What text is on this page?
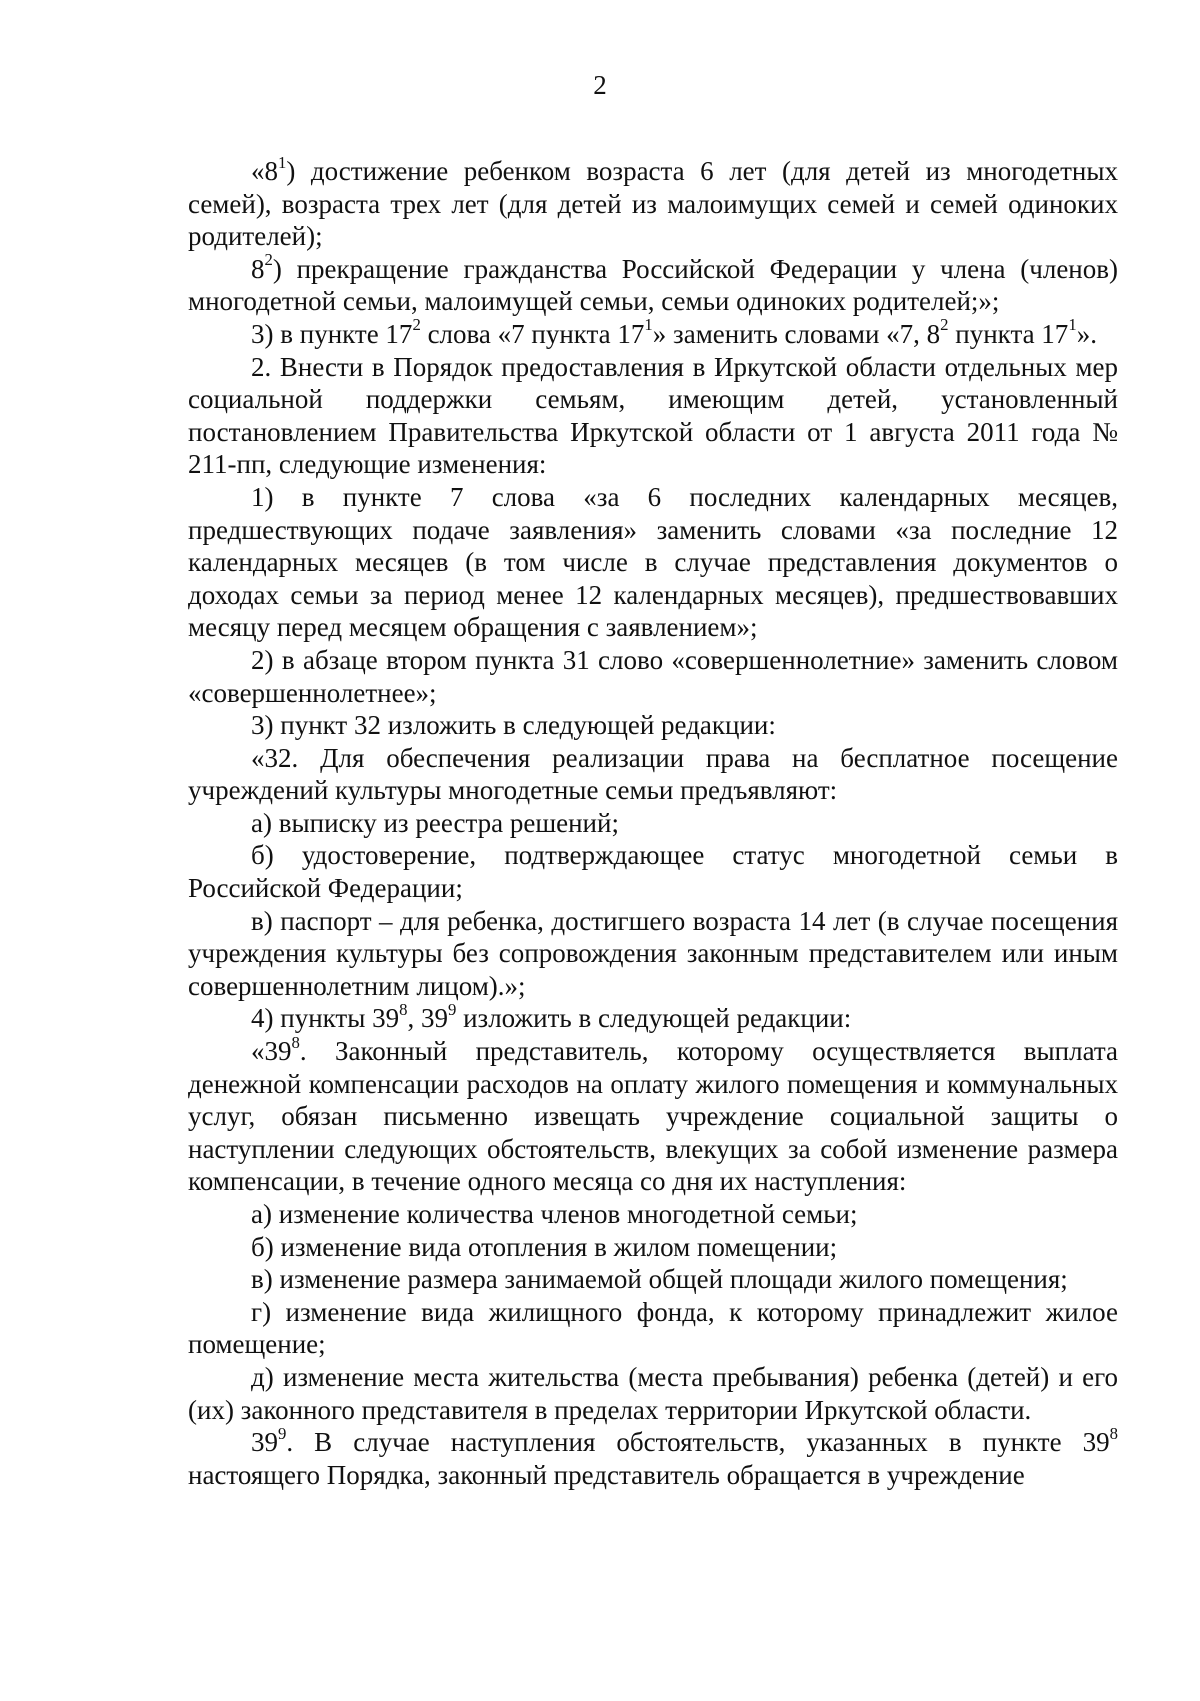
2

«$8^1$) достижение ребенком возраста 6 лет (для детей из многодетных семей), возраста трех лет (для детей из малоимущих семей и семей одиноких родителей);

$8^2$) прекращение гражданства Российской Федерации у члена (членов) многодетной семьи, малоимущей семьи, семьи одиноких родителей;»;

3) в пункте $17^2$ слова «7 пункта $17^1$» заменить словами «7, $8^2$ пункта $17^1$».

2. Внести в Порядок предоставления в Иркутской области отдельных мер социальной поддержки семьям, имеющим детей, установленный постановлением Правительства Иркутской области от 1 августа 2011 года № 211-пп, следующие изменения:

1) в пункте 7 слова «за 6 последних календарных месяцев, предшествующих подаче заявления» заменить словами «за последние 12 календарных месяцев (в том числе в случае представления документов о доходах семьи за период менее 12 календарных месяцев), предшествовавших месяцу перед месяцем обращения с заявлением»;

2) в абзаце втором пункта 31 слово «совершеннолетние» заменить словом «совершеннолетнее»;

3) пункт 32 изложить в следующей редакции:

«32. Для обеспечения реализации права на бесплатное посещение учреждений культуры многодетные семьи предъявляют:

а) выписку из реестра решений;

б) удостоверение, подтверждающее статус многодетной семьи в Российской Федерации;

в) паспорт – для ребенка, достигшего возраста 14 лет (в случае посещения учреждения культуры без сопровождения законным представителем или иным совершеннолетним лицом).»;

4) пункты $39^8$, $39^9$ изложить в следующей редакции:

«$39^8$. Законный представитель, которому осуществляется выплата денежной компенсации расходов на оплату жилого помещения и коммунальных услуг, обязан письменно извещать учреждение социальной защиты о наступлении следующих обстоятельств, влекущих за собой изменение размера компенсации, в течение одного месяца со дня их наступления:

а) изменение количества членов многодетной семьи;

б) изменение вида отопления в жилом помещении;

в) изменение размера занимаемой общей площади жилого помещения;

г) изменение вида жилищного фонда, к которому принадлежит жилое помещение;

д) изменение места жительства (места пребывания) ребенка (детей) и его (их) законного представителя в пределах территории Иркутской области.

$39^9$. В случае наступления обстоятельств, указанных в пункте $39^8$ настоящего Порядка, законный представитель обращается в учреждение
